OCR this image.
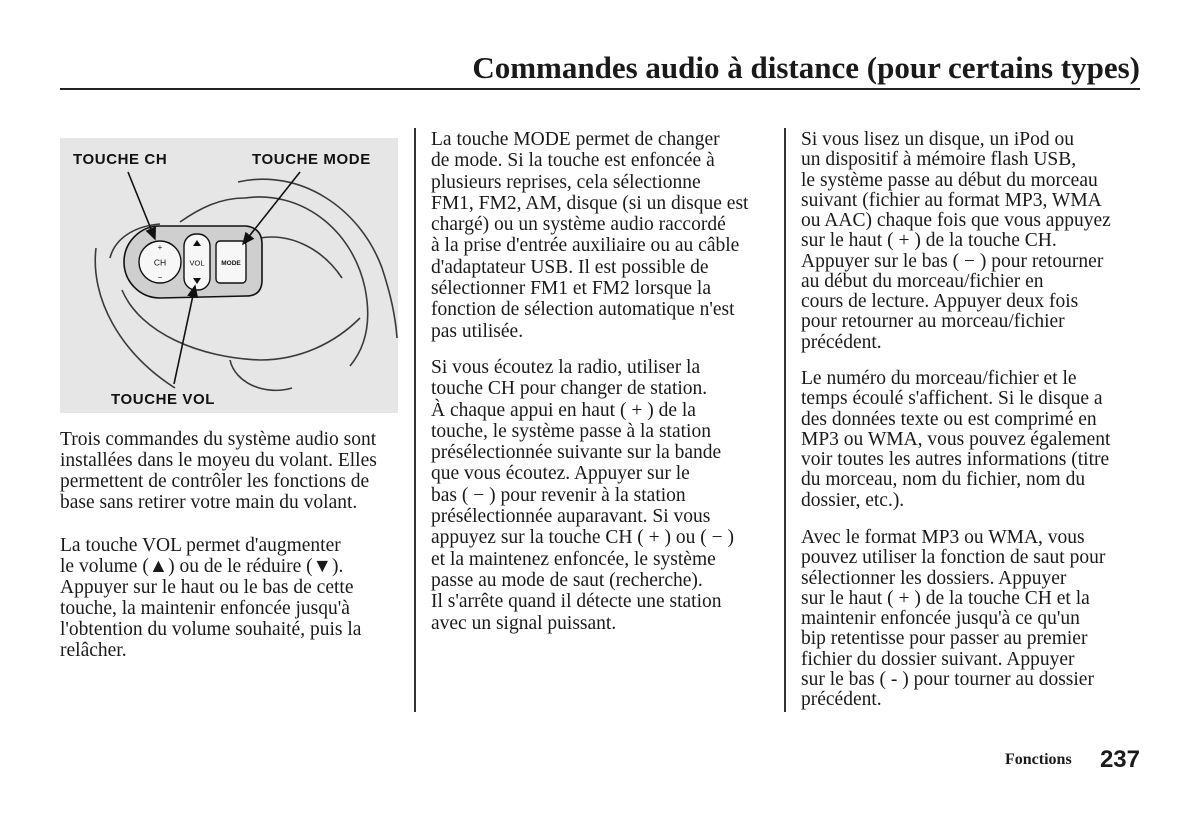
Commandes audio à distance (pour certains types)
CH
+
−
VOL	MODE
TOUCHE CH	TOUCHE MODE
TOUCHE VOL

Trois commandes du système audio sont
installées dans le moyeu du volant. Elles
permettent de contrôler les fonctions de
base sans retirer votre main du volant.

La touche VOL permet d'augmenter
le volume (▲) ou de le réduire (▼).
Appuyer sur le haut ou le bas de cette
touche, la maintenir enfoncée jusqu'à
l'obtention du volume souhaité, puis la
relâcher.

La touche MODE permet de changer
de mode. Si la touche est enfoncée à
plusieurs reprises, cela sélectionne
FM1, FM2, AM, disque (si un disque est
chargé) ou un système audio raccordé
à la prise d'entrée auxiliaire ou au câble
d'adaptateur USB. Il est possible de
sélectionner FM1 et FM2 lorsque la
fonction de sélection automatique n'est
pas utilisée.

Si vous écoutez la radio, utiliser la
touche CH pour changer de station.
À chaque appui en haut ( + ) de la
touche, le système passe à la station
présélectionnée suivante sur la bande
que vous écoutez. Appuyer sur le
bas ( − ) pour revenir à la station
présélectionnée auparavant. Si vous
appuyez sur la touche CH ( + ) ou ( − )
et la maintenez enfoncée, le système
passe au mode de saut (recherche).
Il s'arrête quand il détecte une station
avec un signal puissant.

Si vous lisez un disque, un iPod ou
un dispositif à mémoire flash USB,
le système passe au début du morceau
suivant (fichier au format MP3, WMA
ou AAC) chaque fois que vous appuyez
sur le haut ( + ) de la touche CH.
Appuyer sur le bas ( − ) pour retourner
au début du morceau/fichier en
cours de lecture. Appuyer deux fois
pour retourner au morceau/fichier
précédent.

Le numéro du morceau/fichier et le
temps écoulé s'affichent. Si le disque a
des données texte ou est comprimé en
MP3 ou WMA, vous pouvez également
voir toutes les autres informations (titre
du morceau, nom du fichier, nom du
dossier, etc.).

Avec le format MP3 ou WMA, vous
pouvez utiliser la fonction de saut pour
sélectionner les dossiers. Appuyer
sur le haut ( + ) de la touche CH et la
maintenir enfoncée jusqu'à ce qu'un
bip retentisse pour passer au premier
fichier du dossier suivant. Appuyer
sur le bas ( - ) pour tourner au dossier
précédent.

Fonctions 237
